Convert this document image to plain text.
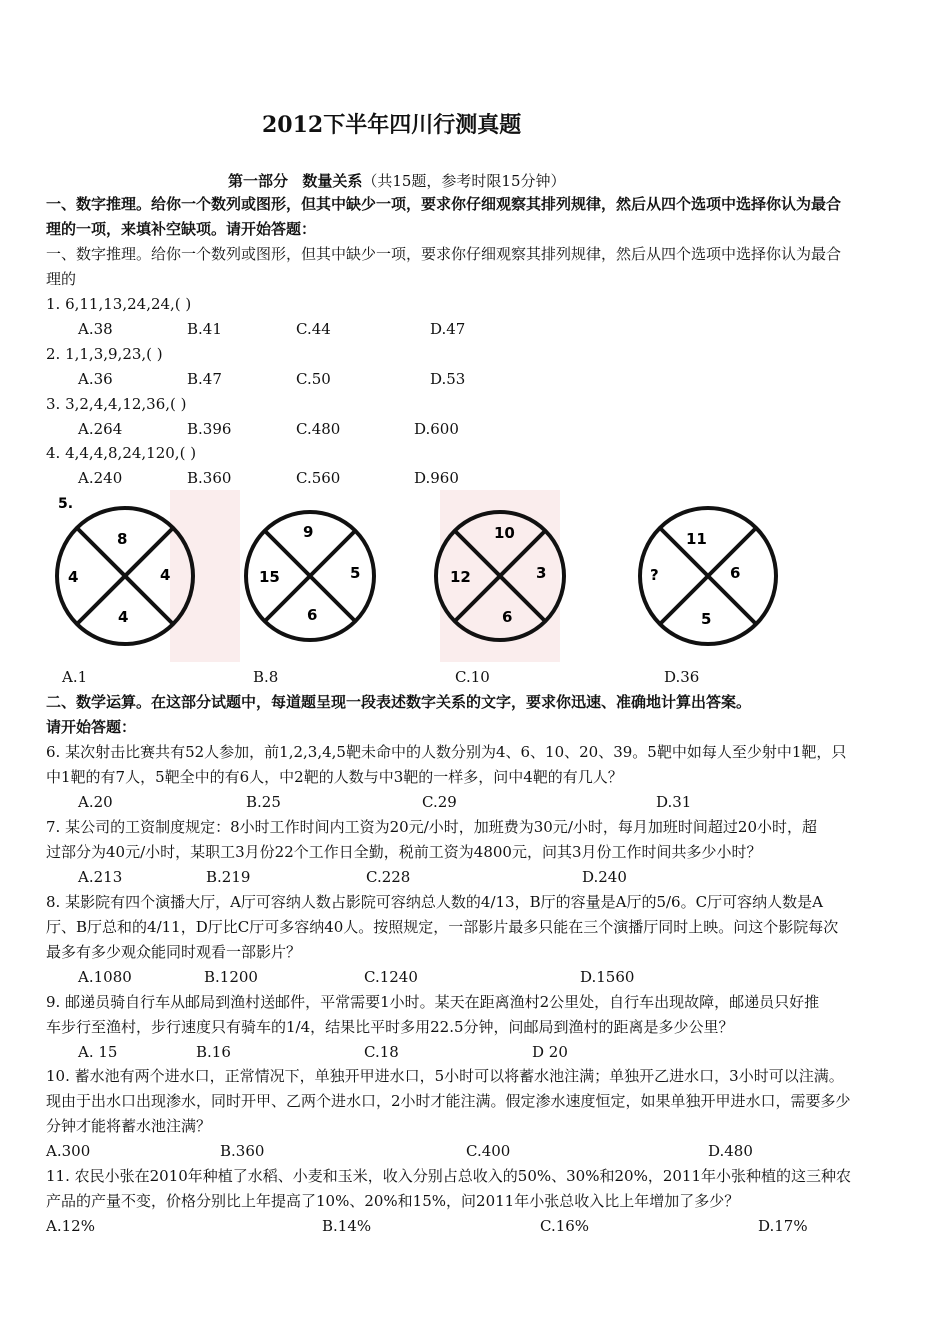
2012下半年四川行测真题
第一部分 数量关系（共15题，参考时限15分钟）
一、数字推理。给你一个数列或图形，但其中缺少一项，要求你仔细观察其排列规律，然后从四个选项中选择你认为最合
理的一项，来填补空缺项。请开始答题：
一、数字推理。给你一个数列或图形，但其中缺少一项，要求你仔细观察其排列规律，然后从四个选项中选择你认为最合
理的
1. 6,11,13,24,24,( )
A.38	B.41	C.44	D.47
2. 1,1,3,9,23,( )
A.36	B.47	C.50	D.53
3. 3,2,4,4,12,36,( )
A.264	B.396	C.480	D.600
4. 4,4,4,8,24,120,( )
A.240	B.360	C.560	D.960
5.
8
4	4
4
9
15	5
6
10
12	3
6
11
?	6
5
A.1	B.8	C.10	D.36
二、数学运算。在这部分试题中，每道题呈现一段表述数字关系的文字，要求你迅速、准确地计算出答案。
请开始答题：
6. 某次射击比赛共有52人参加，前1,2,3,4,5靶未命中的人数分别为4、6、10、20、39。5靶中如每人至少射中1靶，只
中1靶的有7人，5靶全中的有6人，中2靶的人数与中3靶的一样多，问中4靶的有几人？
A.20	B.25	C.29	D.31
7. 某公司的工资制度规定：8小时工作时间内工资为20元/小时，加班费为30元/小时，每月加班时间超过20小时，超
过部分为40元/小时，某职工3月份22个工作日全勤，税前工资为4800元，问其3月份工作时间共多少小时？
A.213	B.219	C.228	D.240
8. 某影院有四个演播大厅，A厅可容纳人数占影院可容纳总人数的4/13，B厅的容量是A厅的5/6。C厅可容纳人数是A
厅、B厅总和的4/11，D厅比C厅可多容纳40人。按照规定，一部影片最多只能在三个演播厅同时上映。问这个影院每次
最多有多少观众能同时观看一部影片？
A.1080	B.1200	C.1240	D.1560
9. 邮递员骑自行车从邮局到渔村送邮件，平常需要1小时。某天在距离渔村2公里处，自行车出现故障，邮递员只好推
车步行至渔村，步行速度只有骑车的1/4，结果比平时多用22.5分钟，问邮局到渔村的距离是多少公里？
A. 15	B.16	C.18	D 20
10. 蓄水池有两个进水口，正常情况下，单独开甲进水口，5小时可以将蓄水池注满；单独开乙进水口，3小时可以注满。
现由于出水口出现渗水，同时开甲、乙两个进水口，2小时才能注满。假定渗水速度恒定，如果单独开甲进水口，需要多少
分钟才能将蓄水池注满？
A.300	B.360	C.400	D.480
11. 农民小张在2010年种植了水稻、小麦和玉米，收入分别占总收入的50%、30%和20%，2011年小张种植的这三种农
产品的产量不变，价格分别比上年提高了10%、20%和15%，问2011年小张总收入比上年增加了多少？
A.12%	B.14%	C.16%	D.17%
